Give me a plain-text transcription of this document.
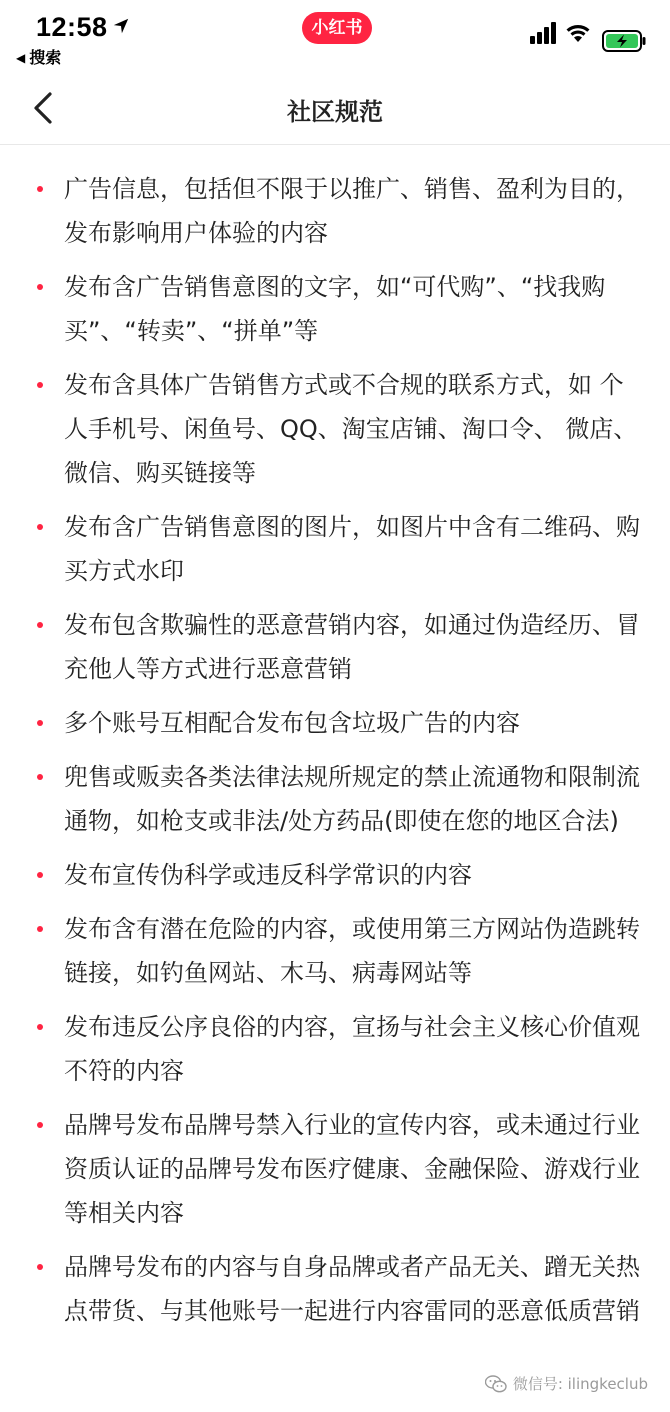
12:58
◀ 搜索
小红书
社区规范
广告信息，包括但不限于以推广、销售、盈利为目的，发布影响用户体验的内容
发布含广告销售意图的文字，如“可代购”、“找我购买”、“转卖”、“拼单”等
发布含具体广告销售方式或不合规的联系方式，如 个人手机号、闲鱼号、QQ、淘宝店铺、淘口令、 微店、微信、购买链接等
发布含广告销售意图的图片，如图片中含有二维码、购买方式水印
发布包含欺骗性的恶意营销内容，如通过伪造经历、冒充他人等方式进行恶意营销
多个账号互相配合发布包含垃圾广告的内容
兜售或贩卖各类法律法规所规定的禁止流通物和限制流通物，如枪支或非法/处方药品(即使在您的地区合法)
发布宣传伪科学或违反科学常识的内容
发布含有潜在危险的内容，或使用第三方网站伪造跳转链接，如钓鱼网站、木马、病毒网站等
发布违反公序良俗的内容，宣扬与社会主义核心价值观不符的内容
品牌号发布品牌号禁入行业的宣传内容，或未通过行业资质认证的品牌号发布医疗健康、金融保险、游戏行业等相关内容
品牌号发布的内容与自身品牌或者产品无关、蹭无关热点带货、与其他账号一起进行内容雷同的恶意低质营销
微信号: ilingkeclub
